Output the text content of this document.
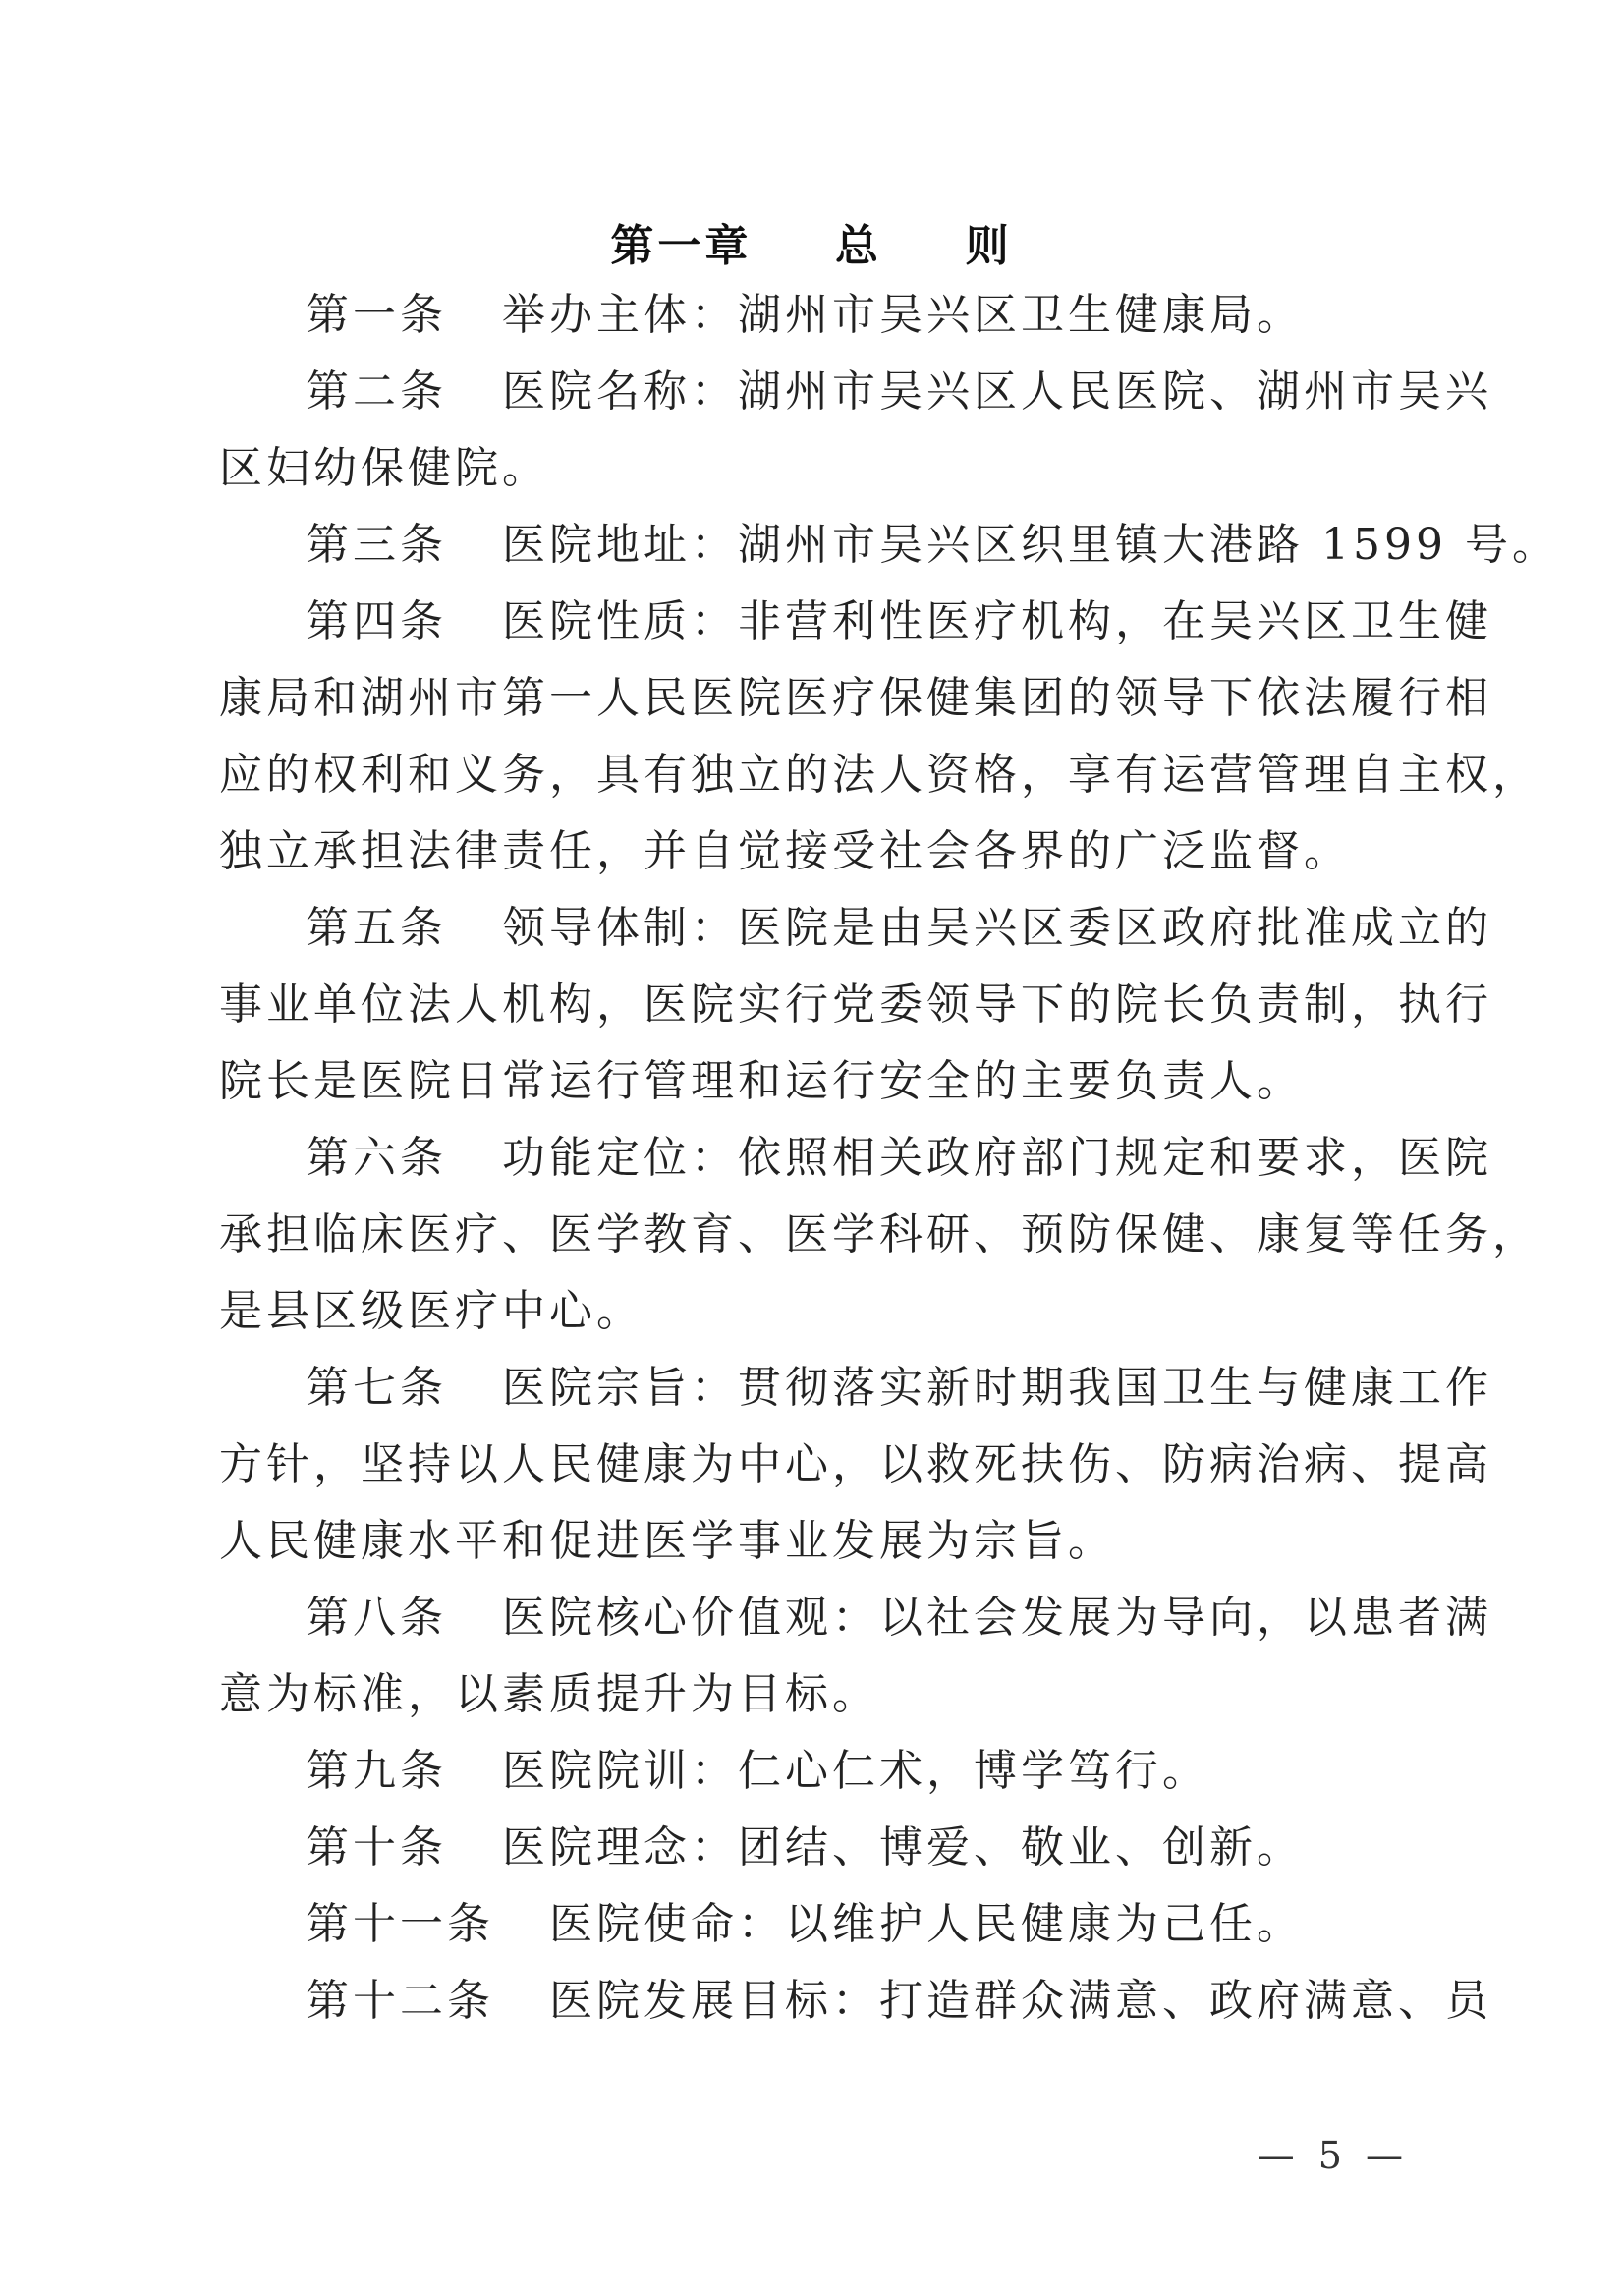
第一章 总 则
第一条 举办主体：湖州市吴兴区卫生健康局。
第二条 医院名称：湖州市吴兴区人民医院、湖州市吴兴
区妇幼保健院。
第三条 医院地址：湖州市吴兴区织里镇大港路 1599 号。
第四条 医院性质：非营利性医疗机构，在吴兴区卫生健
康局和湖州市第一人民医院医疗保健集团的领导下依法履行相
应的权利和义务，具有独立的法人资格，享有运营管理自主权，
独立承担法律责任，并自觉接受社会各界的广泛监督。
第五条 领导体制：医院是由吴兴区委区政府批准成立的
事业单位法人机构，医院实行党委领导下的院长负责制，执行
院长是医院日常运行管理和运行安全的主要负责人。
第六条 功能定位：依照相关政府部门规定和要求，医院
承担临床医疗、医学教育、医学科研、预防保健、康复等任务，
是县区级医疗中心。
第七条 医院宗旨：贯彻落实新时期我国卫生与健康工作
方针，坚持以人民健康为中心，以救死扶伤、防病治病、提高
人民健康水平和促进医学事业发展为宗旨。
第八条 医院核心价值观：以社会发展为导向，以患者满
意为标准，以素质提升为目标。
第九条 医院院训：仁心仁术，博学笃行。
第十条 医院理念：团结、博爱、敬业、创新。
第十一条 医院使命：以维护人民健康为己任。
第十二条 医院发展目标：打造群众满意、政府满意、员
— 5 —
